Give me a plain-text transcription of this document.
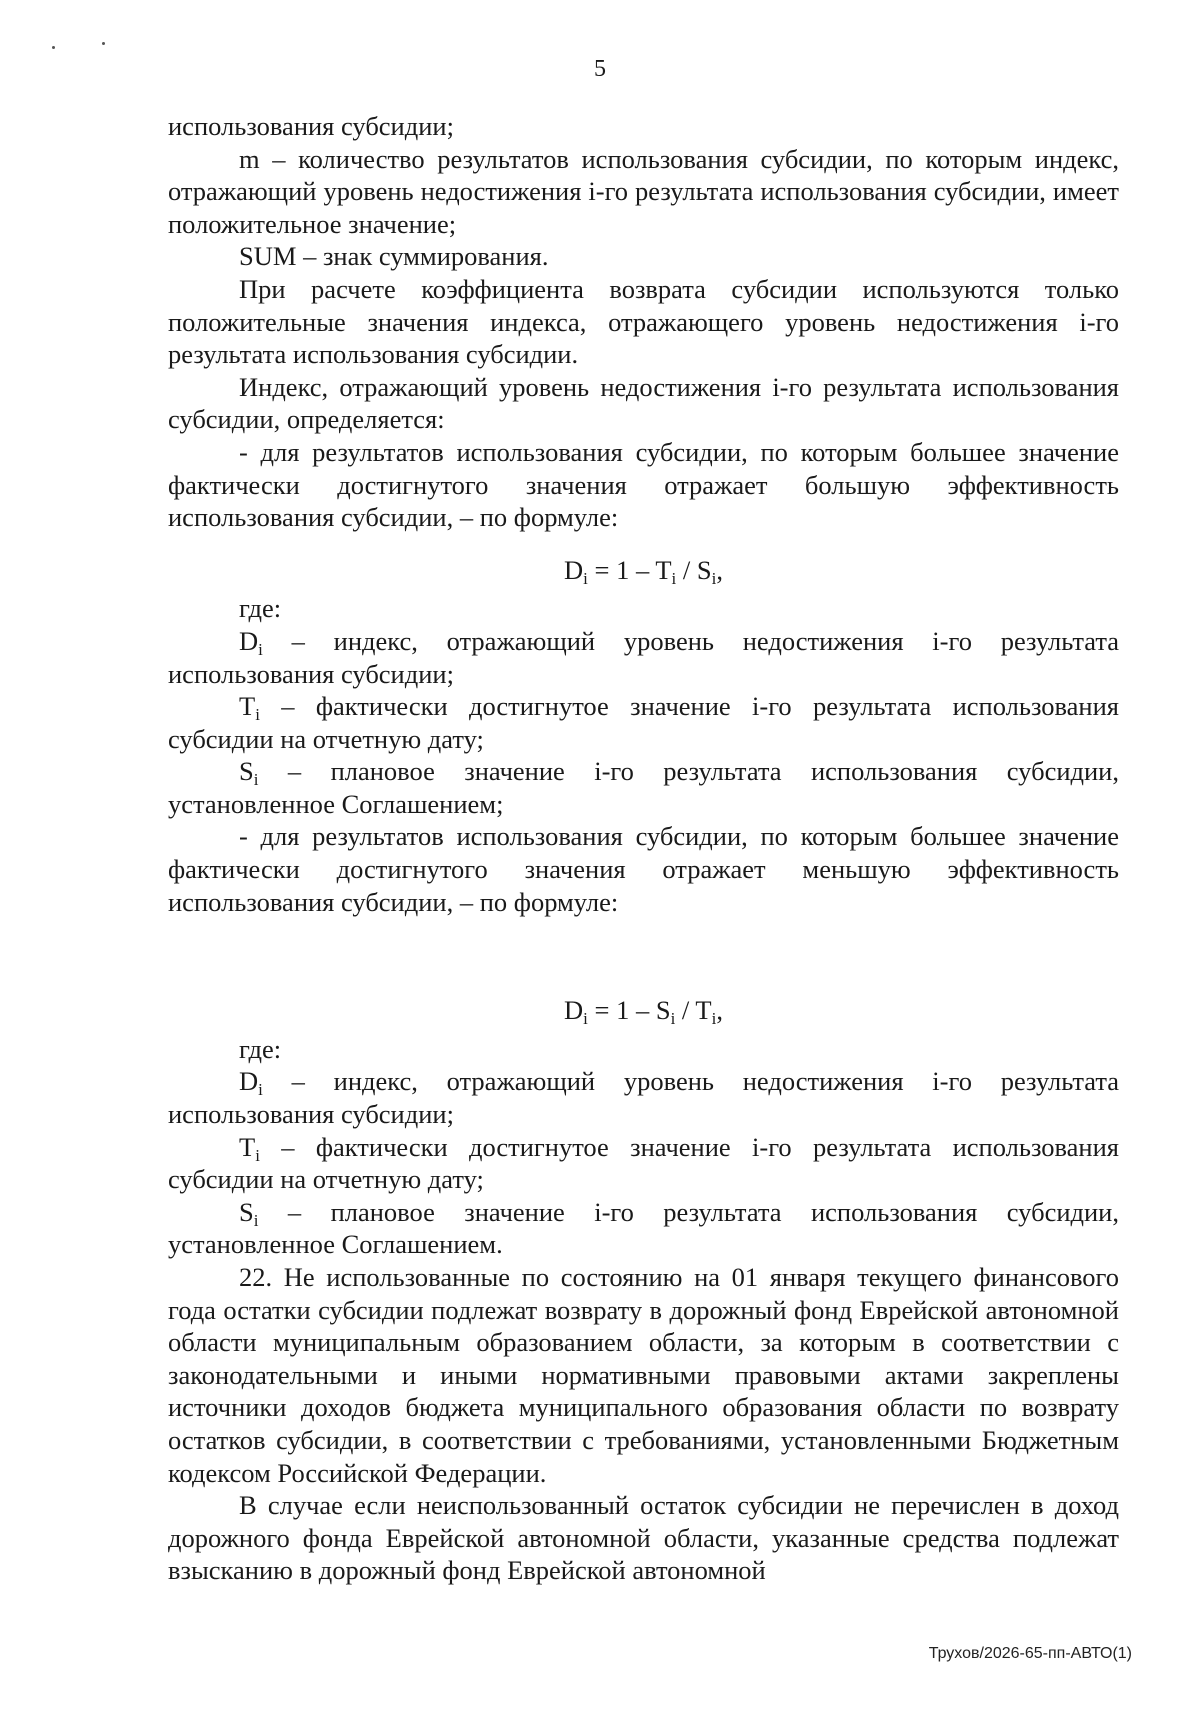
5

использования субсидии;

m – количество результатов использования субсидии, по которым индекс, отражающий уровень недостижения i-го результата использования субсидии, имеет положительное значение;

SUM – знак суммирования.

При расчете коэффициента возврата субсидии используются только положительные значения индекса, отражающего уровень недостижения i-го результата использования субсидии.

Индекс, отражающий уровень недостижения i-го результата использования субсидии, определяется:

- для результатов использования субсидии, по которым большее значение фактически достигнутого значения отражает большую эффективность использования субсидии, – по формуле:

$D_i = 1 - T_i / S_i$,

где:

$D_i$ – индекс, отражающий уровень недостижения i-го результата использования субсидии;

$T_i$ – фактически достигнутое значение i-го результата использования субсидии на отчетную дату;

$S_i$ – плановое значение i-го результата использования субсидии, установленное Соглашением;

- для результатов использования субсидии, по которым большее значение фактически достигнутого значения отражает меньшую эффективность использования субсидии, – по формуле:

$D_i = 1 - S_i / T_i$,

где:

$D_i$ – индекс, отражающий уровень недостижения i-го результата использования субсидии;

$T_i$ – фактически достигнутое значение i-го результата использования субсидии на отчетную дату;

$S_i$ – плановое значение i-го результата использования субсидии, установленное Соглашением.

22. Не использованные по состоянию на 01 января текущего финансового года остатки субсидии подлежат возврату в дорожный фонд Еврейской автономной области муниципальным образованием области, за которым в соответствии с законодательными и иными нормативными правовыми актами закреплены источники доходов бюджета муниципального образования области по возврату остатков субсидии, в соответствии с требованиями, установленными Бюджетным кодексом Российской Федерации.

В случае если неиспользованный остаток субсидии не перечислен в доход дорожного фонда Еврейской автономной области, указанные средства подлежат взысканию в дорожный фонд Еврейской автономной

Трухов/2026-65-пп-АВТО(1)
